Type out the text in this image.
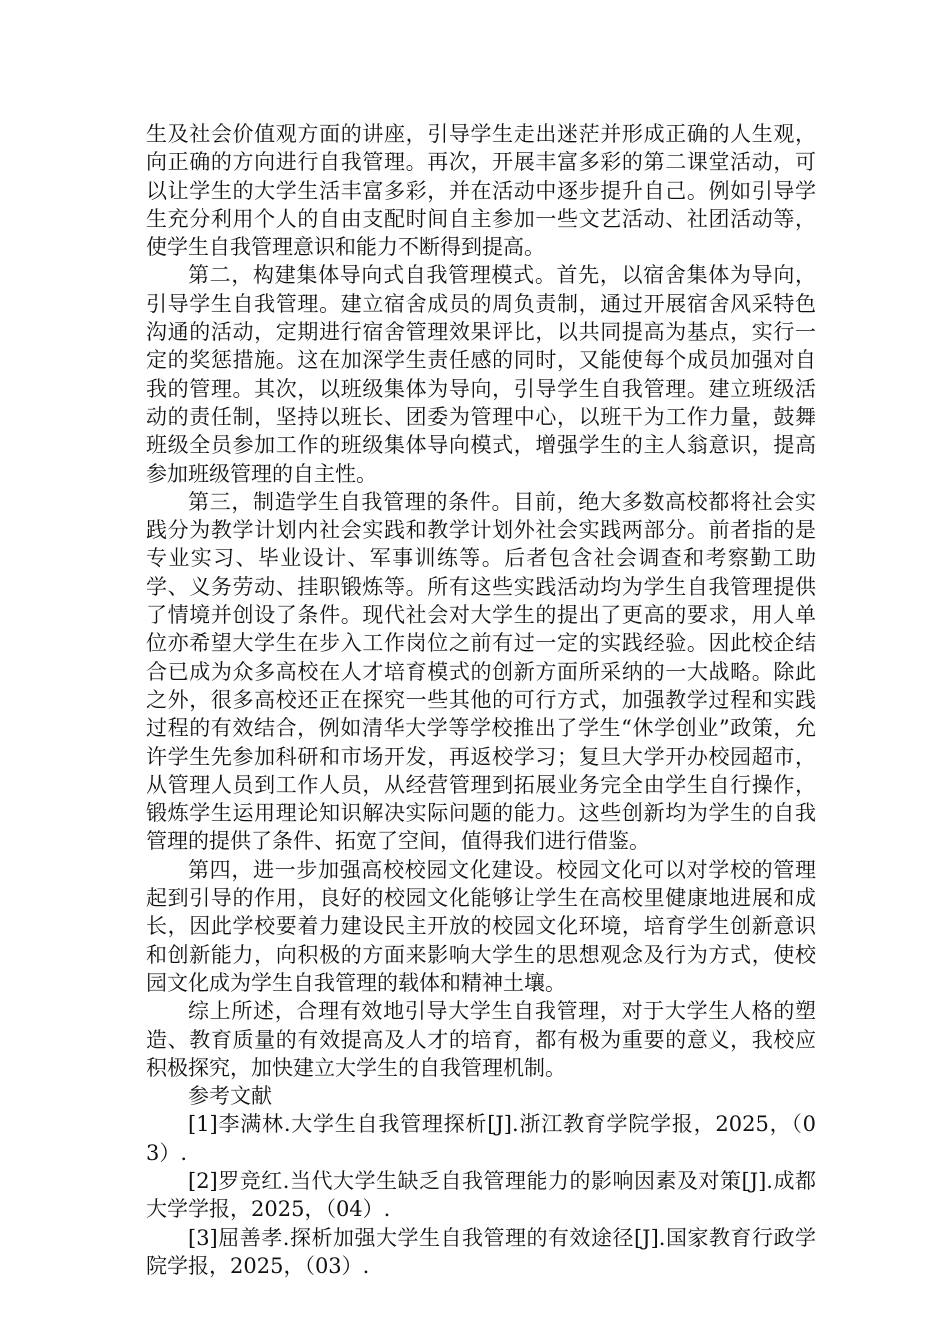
生及社会价值观方面的讲座，引导学生走出迷茫并形成正确的人生观，向正确的方向进行自我管理。再次，开展丰富多彩的第二课堂活动，可以让学生的大学生活丰富多彩，并在活动中逐步提升自己。例如引导学生充分利用个人的自由支配时间自主参加一些文艺活动、社团活动等，使学生自我管理意识和能力不断得到提高。

第二，构建集体导向式自我管理模式。首先，以宿舍集体为导向，引导学生自我管理。建立宿舍成员的周负责制，通过开展宿舍风采特色沟通的活动，定期进行宿舍管理效果评比，以共同提高为基点，实行一定的奖惩措施。这在加深学生责任感的同时，又能使每个成员加强对自我的管理。其次，以班级集体为导向，引导学生自我管理。建立班级活动的责任制，坚持以班长、团委为管理中心，以班干为工作力量，鼓舞班级全员参加工作的班级集体导向模式，增强学生的主人翁意识，提高参加班级管理的自主性。

第三，制造学生自我管理的条件。目前，绝大多数高校都将社会实践分为教学计划内社会实践和教学计划外社会实践两部分。前者指的是专业实习、毕业设计、军事训练等。后者包含社会调查和考察勤工助学、义务劳动、挂职锻炼等。所有这些实践活动均为学生自我管理提供了情境并创设了条件。现代社会对大学生的提出了更高的要求，用人单位亦希望大学生在步入工作岗位之前有过一定的实践经验。因此校企结合已成为众多高校在人才培育模式的创新方面所采纳的一大战略。除此之外，很多高校还正在探究一些其他的可行方式，加强教学过程和实践过程的有效结合，例如清华大学等学校推出了学生“休学创业”政策，允许学生先参加科研和市场开发，再返校学习；复旦大学开办校园超市，从管理人员到工作人员，从经营管理到拓展业务完全由学生自行操作，锻炼学生运用理论知识解决实际问题的能力。这些创新均为学生的自我管理的提供了条件、拓宽了空间，值得我们进行借鉴。

第四，进一步加强高校校园文化建设。校园文化可以对学校的管理起到引导的作用，良好的校园文化能够让学生在高校里健康地进展和成长，因此学校要着力建设民主开放的校园文化环境，培育学生创新意识和创新能力，向积极的方面来影响大学生的思想观念及行为方式，使校园文化成为学生自我管理的载体和精神土壤。

综上所述，合理有效地引导大学生自我管理，对于大学生人格的塑造、教育质量的有效提高及人才的培育，都有极为重要的意义，我校应积极探究，加快建立大学生的自我管理机制。

参考文献

[1]李满林.大学生自我管理探析[J].浙江教育学院学报，2025，（03）.

[2]罗竞红.当代大学生缺乏自我管理能力的影响因素及对策[J].成都大学学报，2025，（04）.

[3]屈善孝.探析加强大学生自我管理的有效途径[J].国家教育行政学院学报，2025，（03）.
